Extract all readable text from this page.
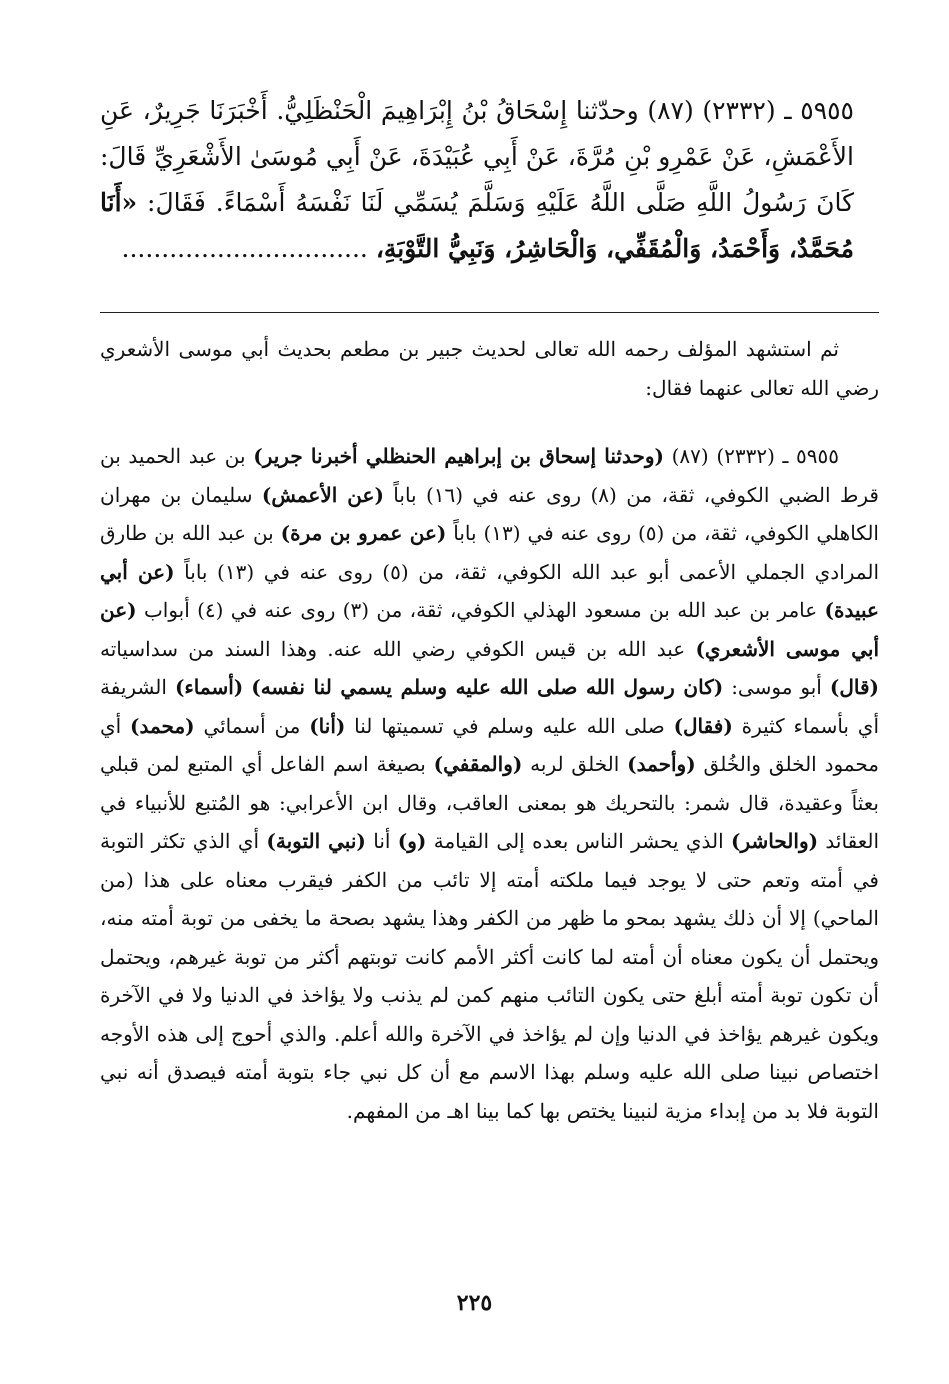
٥٩٥٥ ـ (٢٣٣٢) (٨٧) وحدّثنا إِسْحَاقُ بْنُ إِبْرَاهِيمَ الْحَنْظَلِيُّ. أَخْبَرَنَا جَرِيرٌ، عَنِ الأَعْمَشِ، عَنْ عَمْرِو بْنِ مُرَّةَ، عَنْ أَبِي عُبَيْدَةَ، عَنْ أَبِي مُوسَىٰ الأَشْعَرِيِّ قَالَ: كَانَ رَسُولُ اللَّهِ صَلَّى اللَّهُ عَلَيْهِ وَسَلَّمَ يُسَمِّي لَنَا نَفْسَهُ أَسْمَاءً. فَقَالَ: «أَنَا مُحَمَّدٌ، وَأَحْمَدُ، وَالْمُقَفِّي، وَالْحَاشِرُ، وَنَبِيُّ التَّوْبَةِ، ...............................

ثم استشهد المؤلف رحمه الله تعالى لحديث جبير بن مطعم بحديث أبي موسى الأشعري رضي الله تعالى عنهما فقال:

٥٩٥٥ ـ (٢٣٣٢) (٨٧) (وحدثنا إسحاق بن إبراهيم الحنظلي أخبرنا جرير) بن عبد الحميد بن قرط الضبي الكوفي، ثقة، من (٨) روى عنه في (١٦) باباً (عن الأعمش) سليمان بن مهران الكاهلي الكوفي، ثقة، من (٥) روى عنه في (١٣) باباً (عن عمرو بن مرة) بن عبد الله بن طارق المرادي الجملي الأعمى أبو عبد الله الكوفي، ثقة، من (٥) روى عنه في (١٣) باباً (عن أبي عبيدة) عامر بن عبد الله بن مسعود الهذلي الكوفي، ثقة، من (٣) روى عنه في (٤) أبواب (عن أبي موسى الأشعري) عبد الله بن قيس الكوفي رضي الله عنه. وهذا السند من سداسياته (قال) أبو موسى: (كان رسول الله صلى الله عليه وسلم يسمي لنا نفسه) (أسماء) الشريفة أي بأسماء كثيرة (فقال) صلى الله عليه وسلم في تسميتها لنا (أنا) من أسمائي (محمد) أي محمود الخلق والخُلق (وأحمد) الخلق لربه (والمقفي) بصيغة اسم الفاعل أي المتبع لمن قبلي بعثاً وعقيدة، قال شمر: بالتحريك هو بمعنى العاقب، وقال ابن الأعرابي: هو المُتبع للأنبياء في العقائد (والحاشر) الذي يحشر الناس بعده إلى القيامة (و) أنا (نبي التوبة) أي الذي تكثر التوبة في أمته وتعم حتى لا يوجد فيما ملكته أمته إلا تائب من الكفر فيقرب معناه على هذا (من الماحي) إلا أن ذلك يشهد بمحو ما ظهر من الكفر وهذا يشهد بصحة ما يخفى من توبة أمته منه، ويحتمل أن يكون معناه أن أمته لما كانت أكثر الأمم كانت توبتهم أكثر من توبة غيرهم، ويحتمل أن تكون توبة أمته أبلغ حتى يكون التائب منهم كمن لم يذنب ولا يؤاخذ في الدنيا ولا في الآخرة ويكون غيرهم يؤاخذ في الدنيا وإن لم يؤاخذ في الآخرة والله أعلم. والذي أحوج إلى هذه الأوجه اختصاص نبينا صلى الله عليه وسلم بهذا الاسم مع أن كل نبي جاء بتوبة أمته فيصدق أنه نبي التوبة فلا بد من إبداء مزية لنبينا يختص بها كما بينا اهـ من المفهم.

٢٢٥
